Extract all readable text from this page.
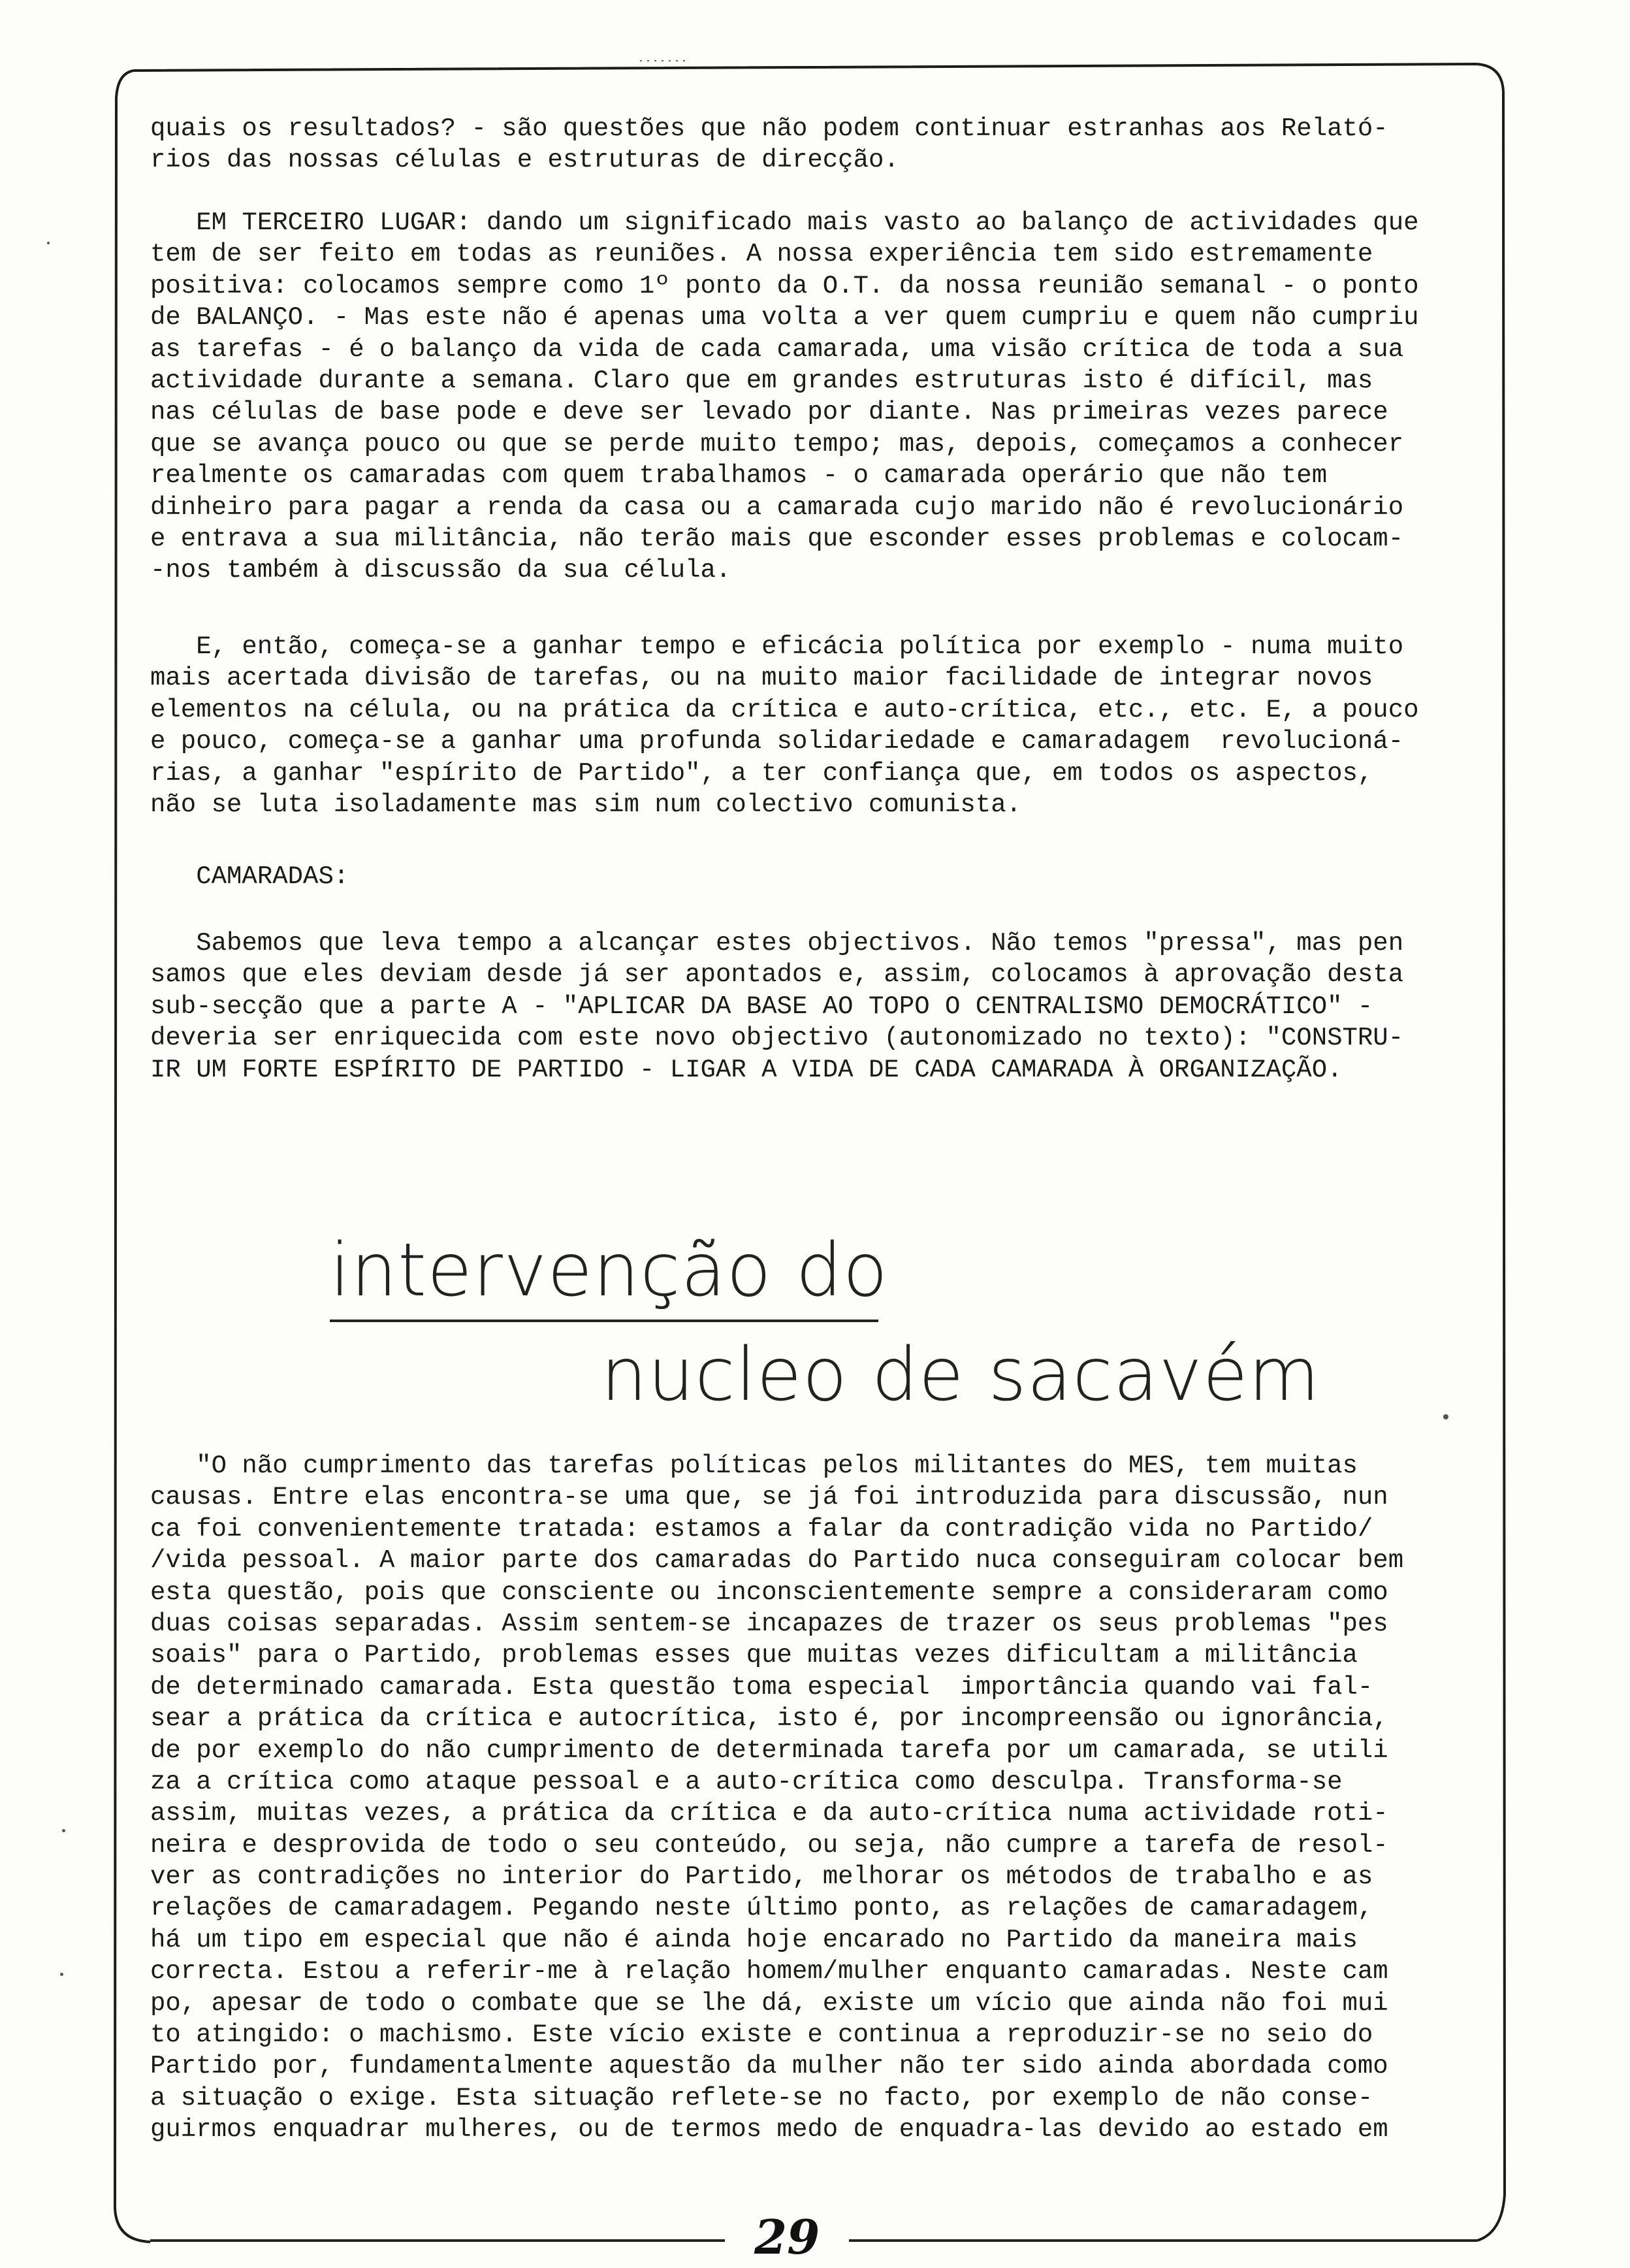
quais os resultados? - são questões que não podem continuar estranhas aos Relató-
rios das nossas células e estruturas de direcção.
EM TERCEIRO LUGAR: dando um significado mais vasto ao balanço de actividades que
tem de ser feito em todas as reuniões. A nossa experiência tem sido estremamente
positiva: colocamos sempre como 1º ponto da O.T. da nossa reunião semanal - o ponto
de BALANÇO. - Mas este não é apenas uma volta a ver quem cumpriu e quem não cumpriu
as tarefas - é o balanço da vida de cada camarada, uma visão crítica de toda a sua
actividade durante a semana. Claro que em grandes estruturas isto é difícil, mas
nas células de base pode e deve ser levado por diante. Nas primeiras vezes parece
que se avança pouco ou que se perde muito tempo; mas, depois, começamos a conhecer
realmente os camaradas com quem trabalhamos - o camarada operário que não tem
dinheiro para pagar a renda da casa ou a camarada cujo marido não é revolucionário
e entrava a sua militância, não terão mais que esconder esses problemas e colocam-
-nos também à discussão da sua célula.
E, então, começa-se a ganhar tempo e eficácia política por exemplo - numa muito
mais acertada divisão de tarefas, ou na muito maior facilidade de integrar novos
elementos na célula, ou na prática da crítica e auto-crítica, etc., etc. E, a pouco
e pouco, começa-se a ganhar uma profunda solidariedade e camaradagem  revolucioná-
rias, a ganhar "espírito de Partido", a ter confiança que, em todos os aspectos,
não se luta isoladamente mas sim num colectivo comunista.
CAMARADAS:
Sabemos que leva tempo a alcançar estes objectivos. Não temos "pressa", mas pen
samos que eles deviam desde já ser apontados e, assim, colocamos à aprovação desta
sub-secção que a parte A - "APLICAR DA BASE AO TOPO O CENTRALISMO DEMOCRÁTICO" -
deveria ser enriquecida com este novo objectivo (autonomizado no texto): "CONSTRU-
IR UM FORTE ESPÍRITO DE PARTIDO - LIGAR A VIDA DE CADA CAMARADA À ORGANIZAÇÃO.
intervenção do
nucleo de sacavém
"O não cumprimento das tarefas políticas pelos militantes do MES, tem muitas
causas. Entre elas encontra-se uma que, se já foi introduzida para discussão, nun
ca foi convenientemente tratada: estamos a falar da contradição vida no Partido/
/vida pessoal. A maior parte dos camaradas do Partido nuca conseguiram colocar bem
esta questão, pois que consciente ou inconscientemente sempre a consideraram como
duas coisas separadas. Assim sentem-se incapazes de trazer os seus problemas "pes
soais" para o Partido, problemas esses que muitas vezes dificultam a militância
de determinado camarada. Esta questão toma especial  importância quando vai fal-
sear a prática da crítica e autocrítica, isto é, por incompreensão ou ignorância,
de por exemplo do não cumprimento de determinada tarefa por um camarada, se utili
za a crítica como ataque pessoal e a auto-crítica como desculpa. Transforma-se
assim, muitas vezes, a prática da crítica e da auto-crítica numa actividade roti-
neira e desprovida de todo o seu conteúdo, ou seja, não cumpre a tarefa de resol-
ver as contradições no interior do Partido, melhorar os métodos de trabalho e as
relações de camaradagem. Pegando neste último ponto, as relações de camaradagem,
há um tipo em especial que não é ainda hoje encarado no Partido da maneira mais
correcta. Estou a referir-me à relação homem/mulher enquanto camaradas. Neste cam
po, apesar de todo o combate que se lhe dá, existe um vício que ainda não foi mui
to atingido: o machismo. Este vício existe e continua a reproduzir-se no seio do
Partido por, fundamentalmente aquestão da mulher não ter sido ainda abordada como
a situação o exige. Esta situação reflete-se no facto, por exemplo de não conse-
guirmos enquadrar mulheres, ou de termos medo de enquadra-las devido ao estado em
29
